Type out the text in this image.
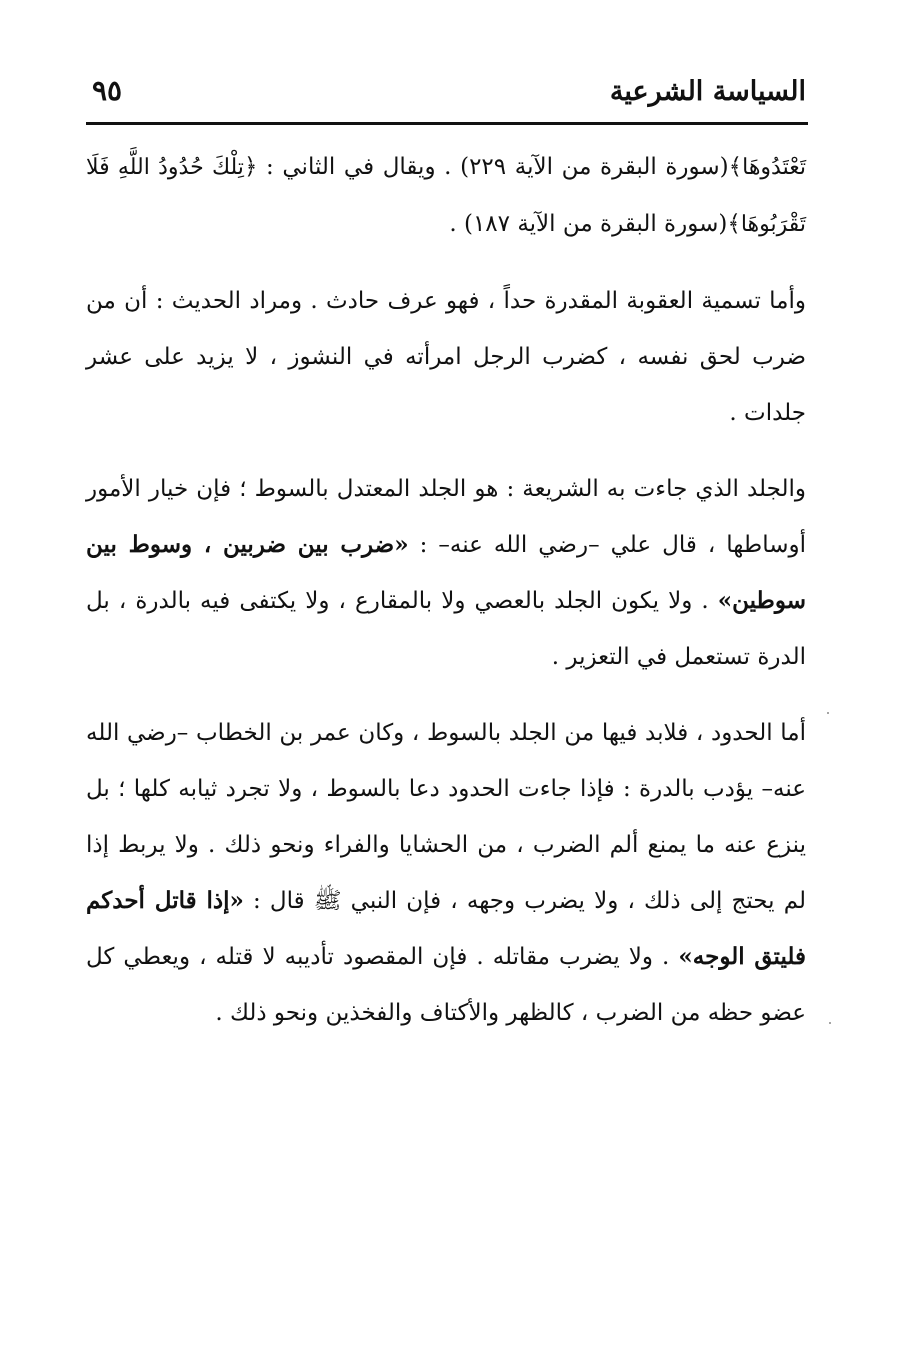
السياسة الشرعية
٩٥

تَعْتَدُوهَا﴾(سورة البقرة من الآية ٢٢٩) . ويقال في الثاني : ﴿تِلْكَ حُدُودُ اللَّهِ فَلَا تَقْرَبُوهَا﴾(سورة البقرة من الآية ١٨٧) .

وأما تسمية العقوبة المقدرة حداً ، فهو عرف حادث . ومراد الحديث : أن من ضرب لحق نفسه ، كضرب الرجل امرأته في النشوز ، لا يزيد على عشر جلدات .

والجلد الذي جاءت به الشريعة : هو الجلد المعتدل بالسوط ؛ فإن خيار الأمور أوساطها ، قال علي –رضي الله عنه– : «ضرب بين ضربين ، وسوط بين سوطين» . ولا يكون الجلد بالعصي ولا بالمقارع ، ولا يكتفى فيه بالدرة ، بل الدرة تستعمل في التعزير .

أما الحدود ، فلابد فيها من الجلد بالسوط ، وكان عمر بن الخطاب –رضي الله عنه– يؤدب بالدرة : فإذا جاءت الحدود دعا بالسوط ، ولا تجرد ثيابه كلها ؛ بل ينزع عنه ما يمنع ألم الضرب ، من الحشايا والفراء ونحو ذلك . ولا يربط إذا لم يحتج إلى ذلك ، ولا يضرب وجهه ، فإن النبي ﷺ قال : «إذا قاتل أحدكم فليتق الوجه» . ولا يضرب مقاتله . فإن المقصود تأديبه لا قتله ، ويعطي كل عضو حظه من الضرب ، كالظهر والأكتاف والفخذين ونحو ذلك .
